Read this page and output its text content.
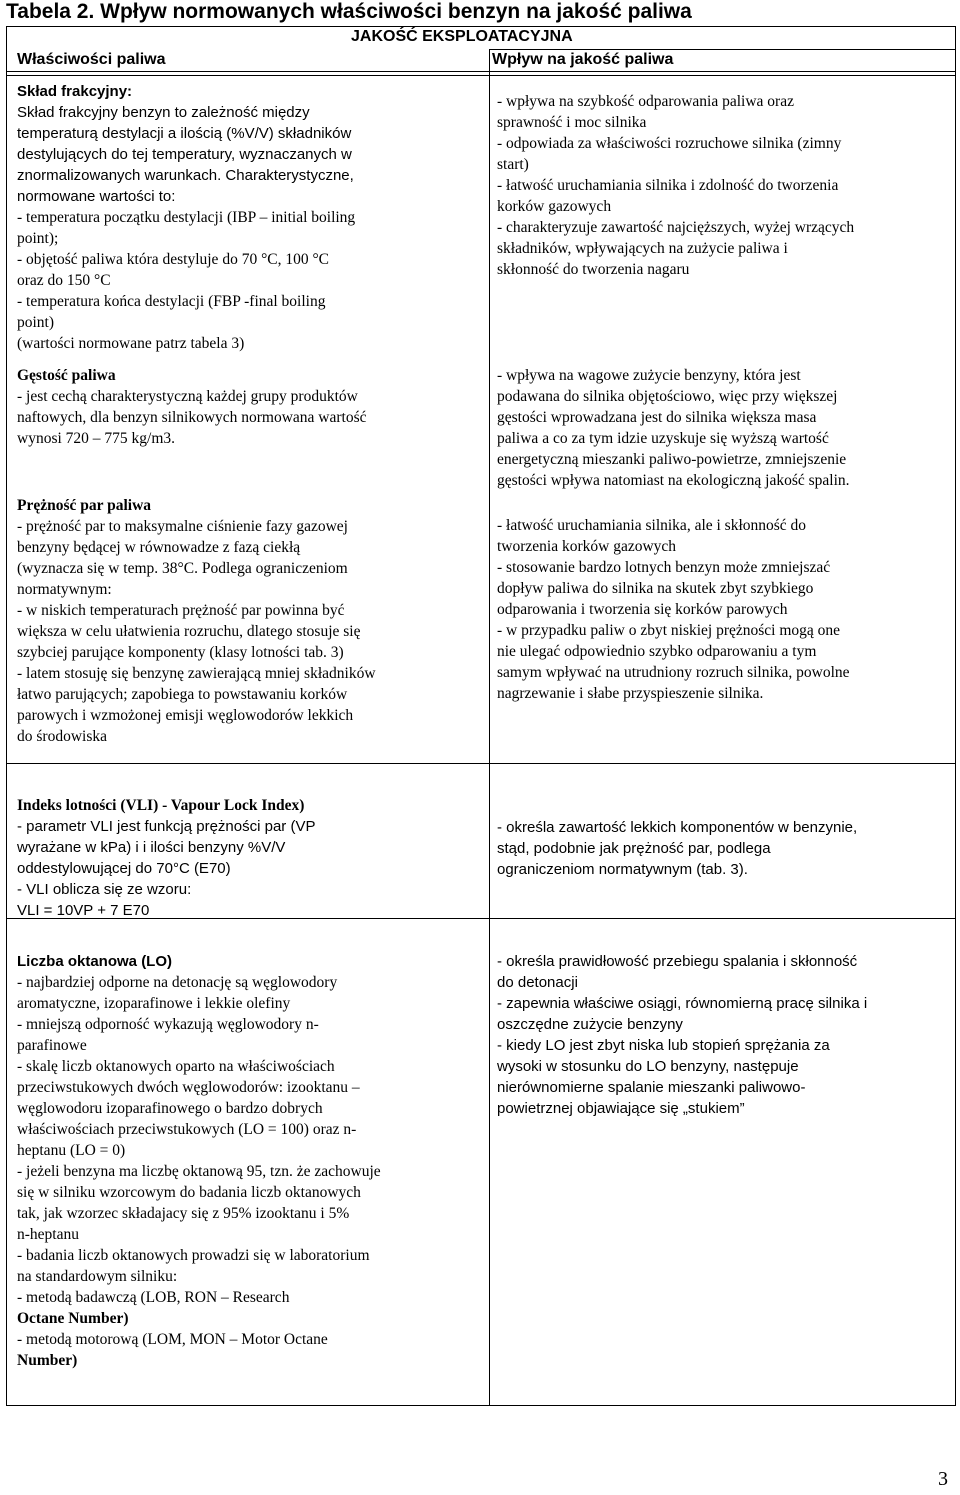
Tabela 2. Wpływ normowanych właściwości benzyn na jakość paliwa
JAKOŚĆ EKSPLOATACYJNA
Właściwości paliwa	Wpływ na jakość paliwa
Skład frakcyjny:
Skład frakcyjny benzyn to zależność między
temperaturą destylacji a ilością (%V/V) składników
destylujących do tej temperatury, wyznaczanych w
znormalizowanych warunkach. Charakterystyczne,
normowane wartości to:
- temperatura początku destylacji (IBP – initial boiling
point);
- objętość paliwa która destyluje do 70 °C, 100 °C
oraz do 150 °C
- temperatura końca destylacji (FBP -final boiling
point)
(wartości normowane patrz tabela 3)
- wpływa na szybkość odparowania paliwa oraz
sprawność i moc silnika
- odpowiada za właściwości rozruchowe silnika (zimny
start)
- łatwość uruchamiania silnika i zdolność do tworzenia
korków gazowych
- charakteryzuje zawartość najcięższych, wyżej wrzących
składników, wpływających na zużycie paliwa i
skłonność do tworzenia nagaru
Gęstość paliwa
- jest cechą charakterystyczną każdej grupy produktów
naftowych, dla benzyn silnikowych normowana wartość
wynosi 720 – 775 kg/m3.
- wpływa na wagowe zużycie benzyny, która jest
podawana do silnika objętościowo, więc przy większej
gęstości wprowadzana jest do silnika większa masa
paliwa a co za tym idzie uzyskuje się wyższą wartość
energetyczną mieszanki paliwo-powietrze, zmniejszenie
gęstości wpływa natomiast na ekologiczną jakość spalin.
Prężność par paliwa
- prężność par to maksymalne ciśnienie fazy gazowej
benzyny będącej w równowadze z fazą ciekłą
(wyznacza się w temp. 38°C. Podlega ograniczeniom
normatywnym:
- w niskich temperaturach prężność par powinna być
większa w celu ułatwienia rozruchu, dlatego stosuje się
szybciej parujące komponenty (klasy lotności tab. 3)
- latem stosuję się benzynę zawierającą mniej składników
łatwo parujących; zapobiega to powstawaniu korków
parowych i wzmożonej emisji węglowodorów lekkich
do środowiska
- łatwość uruchamiania silnika, ale i skłonność do
tworzenia korków gazowych
- stosowanie bardzo lotnych benzyn może zmniejszać
dopływ paliwa do silnika na skutek zbyt szybkiego
odparowania i tworzenia się korków parowych
- w przypadku paliw o zbyt niskiej prężności mogą one
nie ulegać odpowiednio szybko odparowaniu a tym
samym wpływać na utrudniony rozruch silnika, powolne
nagrzewanie i słabe przyspieszenie silnika.
Indeks lotności (VLI) - Vapour Lock Index)
- parametr VLI jest funkcją prężności par (VP
wyrażane w kPa) i i ilości benzyny %V/V
oddestylowującej do 70°C (E70)
- VLI oblicza się ze wzoru:
VLI = 10VP + 7 E70
- określa zawartość lekkich komponentów w benzynie,
stąd, podobnie jak prężność par, podlega
ograniczeniom normatywnym (tab. 3).
Liczba oktanowa (LO)
- najbardziej odporne na detonację są węglowodory
aromatyczne, izoparafinowe i lekkie olefiny
- mniejszą odporność wykazują węglowodory n-
parafinowe
- skalę liczb oktanowych oparto na właściwościach
przeciwstukowych dwóch węglowodorów: izooktanu –
węglowodoru izoparafinowego o bardzo dobrych
właściwościach przeciwstukowych (LO = 100) oraz n-
heptanu (LO = 0)
- jeżeli benzyna ma liczbę oktanową 95, tzn. że zachowuje
się w silniku wzorcowym do badania liczb oktanowych
tak, jak wzorzec składajacy się z 95% izooktanu i 5%
n-heptanu
- badania liczb oktanowych prowadzi się w laboratorium
na standardowym silniku:
- metodą badawczą (LOB, RON – Research
Octane Number)
- metodą motorową (LOM, MON – Motor Octane
Number)
- określa prawidłowość przebiegu spalania i skłonność
do detonacji
- zapewnia właściwe osiągi, równomierną pracę silnika i
oszczędne zużycie benzyny
- kiedy LO jest zbyt niska lub stopień sprężania za
wysoki w stosunku do LO benzyny, następuje
nierównomierne spalanie mieszanki paliwowo-
powietrznej objawiające się „stukiem”
3
